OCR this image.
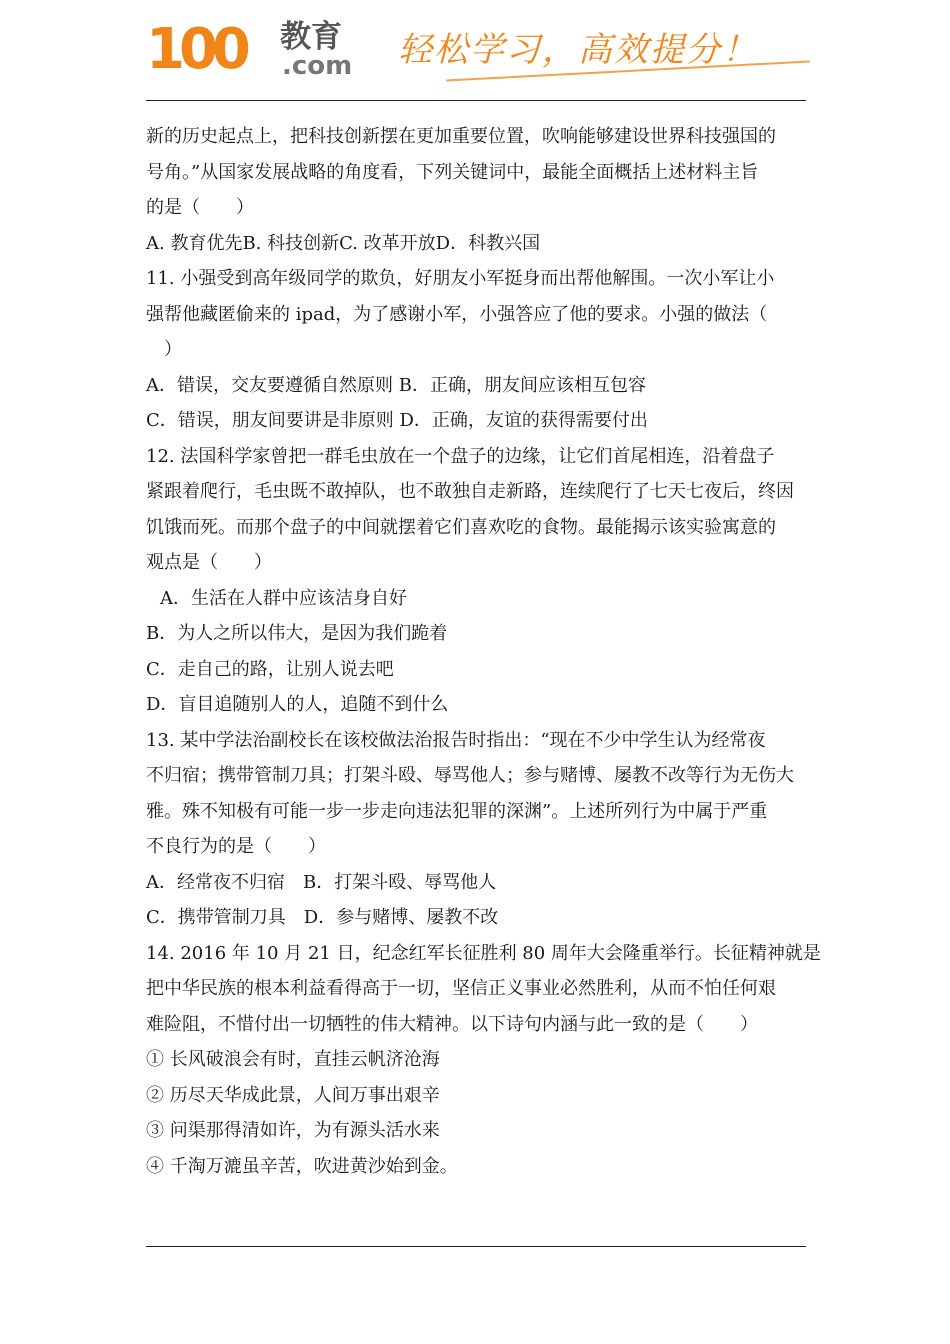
100 教育
.com 轻松学习，高效提分！
新的历史起点上，把科技创新摆在更加重要位置，吹响能够建设世界科技强国的
号角。”从国家发展战略的角度看，下列关键词中，最能全面概括上述材料主旨
的是（　　）
A. 教育优先B. 科技创新C. 改革开放D．科教兴国
11. 小强受到高年级同学的欺负，好朋友小军挺身而出帮他解围。一次小军让小
强帮他藏匿偷来的 ipad，为了感谢小军，小强答应了他的要求。小强的做法（
　）
A．错误，交友要遵循自然原则 B．正确，朋友间应该相互包容
C．错误，朋友间要讲是非原则 D．正确，友谊的获得需要付出
12. 法国科学家曾把一群毛虫放在一个盘子的边缘，让它们首尾相连，沿着盘子
紧跟着爬行，毛虫既不敢掉队，也不敢独自走新路，连续爬行了七天七夜后，终因
饥饿而死。而那个盘子的中间就摆着它们喜欢吃的食物。最能揭示该实验寓意的
观点是（　　）
A．生活在人群中应该洁身自好
B．为人之所以伟大，是因为我们跪着
C．走自己的路，让别人说去吧
D．盲目追随别人的人，追随不到什么
13. 某中学法治副校长在该校做法治报告时指出：“现在不少中学生认为经常夜
不归宿；携带管制刀具；打架斗殴、辱骂他人；参与赌博、屡教不改等行为无伤大
雅。殊不知极有可能一步一步走向违法犯罪的深渊”。上述所列行为中属于严重
不良行为的是（　　）
A．经常夜不归宿　B．打架斗殴、辱骂他人
C．携带管制刀具　D．参与赌博、屡教不改
14. 2016 年 10 月 21 日，纪念红军长征胜利 80 周年大会隆重举行。长征精神就是
把中华民族的根本利益看得高于一切，坚信正义事业必然胜利，从而不怕任何艰
难险阻，不惜付出一切牺牲的伟大精神。以下诗句内涵与此一致的是（　　）
① 长风破浪会有时，直挂云帆济沧海
② 历尽天华成此景，人间万事出艰辛
③ 问渠那得清如许，为有源头活水来
④ 千淘万漉虽辛苦，吹进黄沙始到金。
